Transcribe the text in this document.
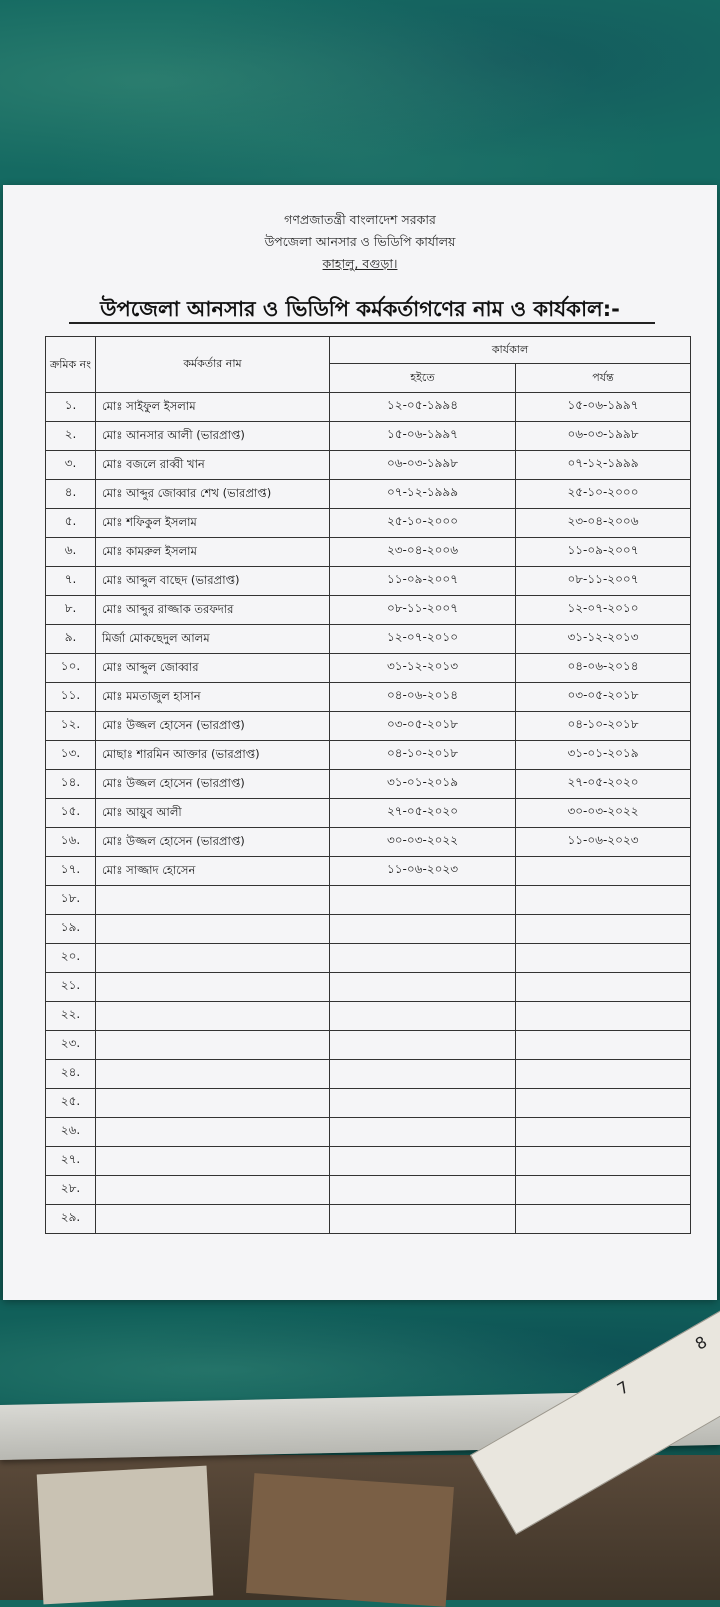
8
7
গণপ্রজাতন্ত্রী বাংলাদেশ সরকার
উপজেলা আনসার ও ভিডিপি কার্যালয়
কাহালু, বগুড়া।
উপজেলা আনসার ও ভিডিপি কর্মকর্তাগণের নাম ও কার্যকাল:-
ক্রমিক নং	কর্মকর্তার নাম	কার্যকাল	
		হইতে	পর্যন্ত
১.	মোঃ সাইফুল ইসলাম	১২-০৫-১৯৯৪	১৫-০৬-১৯৯৭
২.	মোঃ আনসার আলী (ভারপ্রাপ্ত)	১৫-০৬-১৯৯৭	০৬-০৩-১৯৯৮
৩.	মোঃ বজলে রাব্বী খান	০৬-০৩-১৯৯৮	০৭-১২-১৯৯৯
৪.	মোঃ আব্দুর জোব্বার শেখ (ভারপ্রাপ্ত)	০৭-১২-১৯৯৯	২৫-১০-২০০০
৫.	মোঃ শফিকুল ইসলাম	২৫-১০-২০০০	২৩-০৪-২০০৬
৬.	মোঃ কামরুল ইসলাম	২৩-০৪-২০০৬	১১-০৯-২০০৭
৭.	মোঃ আব্দুল বাছেদ (ভারপ্রাপ্ত)	১১-০৯-২০০৭	০৮-১১-২০০৭
৮.	মোঃ আব্দুর রাজ্জাক তরফদার	০৮-১১-২০০৭	১২-০৭-২০১০
৯.	মির্জা মোকছেদুল আলম	১২-০৭-২০১০	৩১-১২-২০১৩
১০.	মোঃ আব্দুল জোব্বার	৩১-১২-২০১৩	০৪-০৬-২০১৪
১১.	মোঃ মমতাজুল হাসান	০৪-০৬-২০১৪	০৩-০৫-২০১৮
১২.	মোঃ উজ্জল হোসেন (ভারপ্রাপ্ত)	০৩-০৫-২০১৮	০৪-১০-২০১৮
১৩.	মোছাঃ শারমিন আক্তার (ভারপ্রাপ্ত)	০৪-১০-২০১৮	৩১-০১-২০১৯
১৪.	মোঃ উজ্জল হোসেন (ভারপ্রাপ্ত)	৩১-০১-২০১৯	২৭-০৫-২০২০
১৫.	মোঃ আয়ুব আলী	২৭-০৫-২০২০	৩০-০৩-২০২২
১৬.	মোঃ উজ্জল হোসেন (ভারপ্রাপ্ত)	৩০-০৩-২০২২	১১-০৬-২০২৩
১৭.	মোঃ সাজ্জাদ হোসেন	১১-০৬-২০২৩	
১৮.			
১৯.			
২০.			
২১.			
২২.			
২৩.			
২৪.			
২৫.			
২৬.			
২৭.			
২৮.			
২৯.			
